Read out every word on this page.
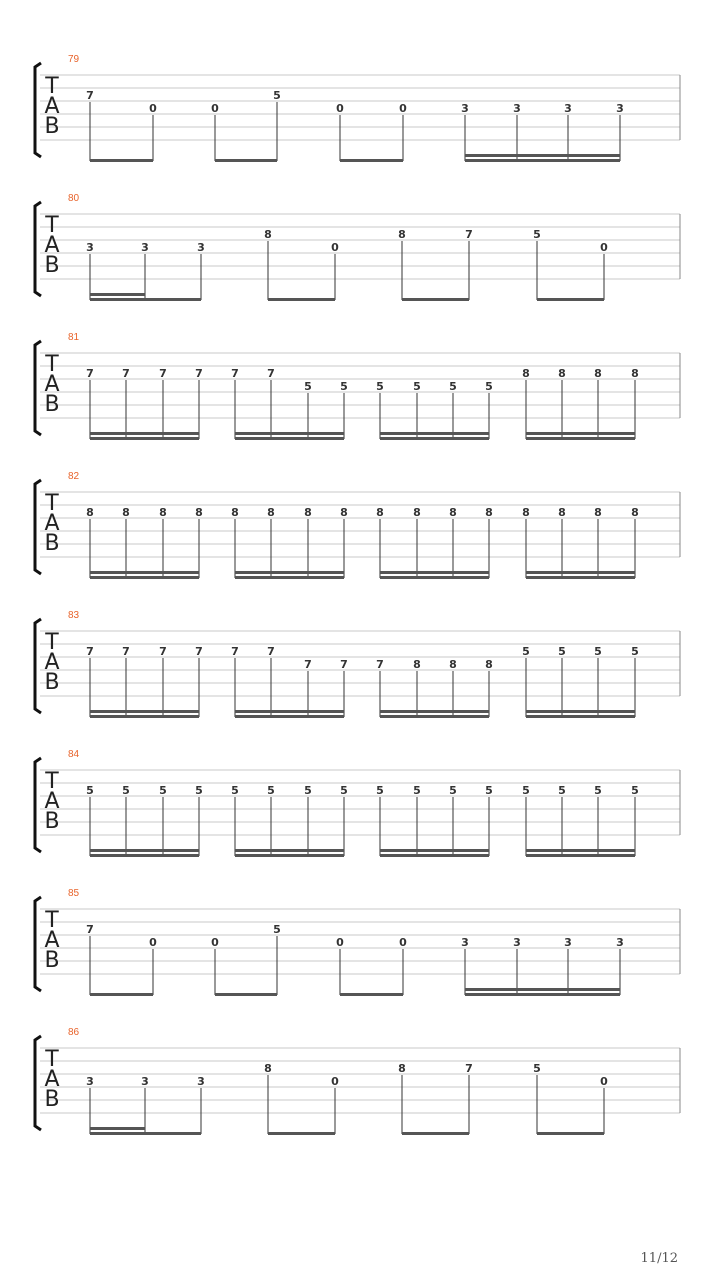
79
T
A
B
7
0	0
5
0	0	3	3	3	3
80
T
A
B
3	3	3
8
0
8	7	5
0
81
T
A
B
7	7	7	7	7	7
5	5	5	5	5	5
8	8	8	8
82
T
A
B
8	8	8	8	8	8	8	8	8	8	8	8	8	8	8	8
83
T
A
B
7	7	7	7	7	7
7	7	7	8	8	8
5	5	5	5
84
T
A
B
5	5	5	5	5	5	5	5	5	5	5	5	5	5	5	5
85
T
A
B
7
0	0
5
0	0	3	3	3	3
86
T
A
B
3	3	3
8
0
8	7	5
0
11/12
